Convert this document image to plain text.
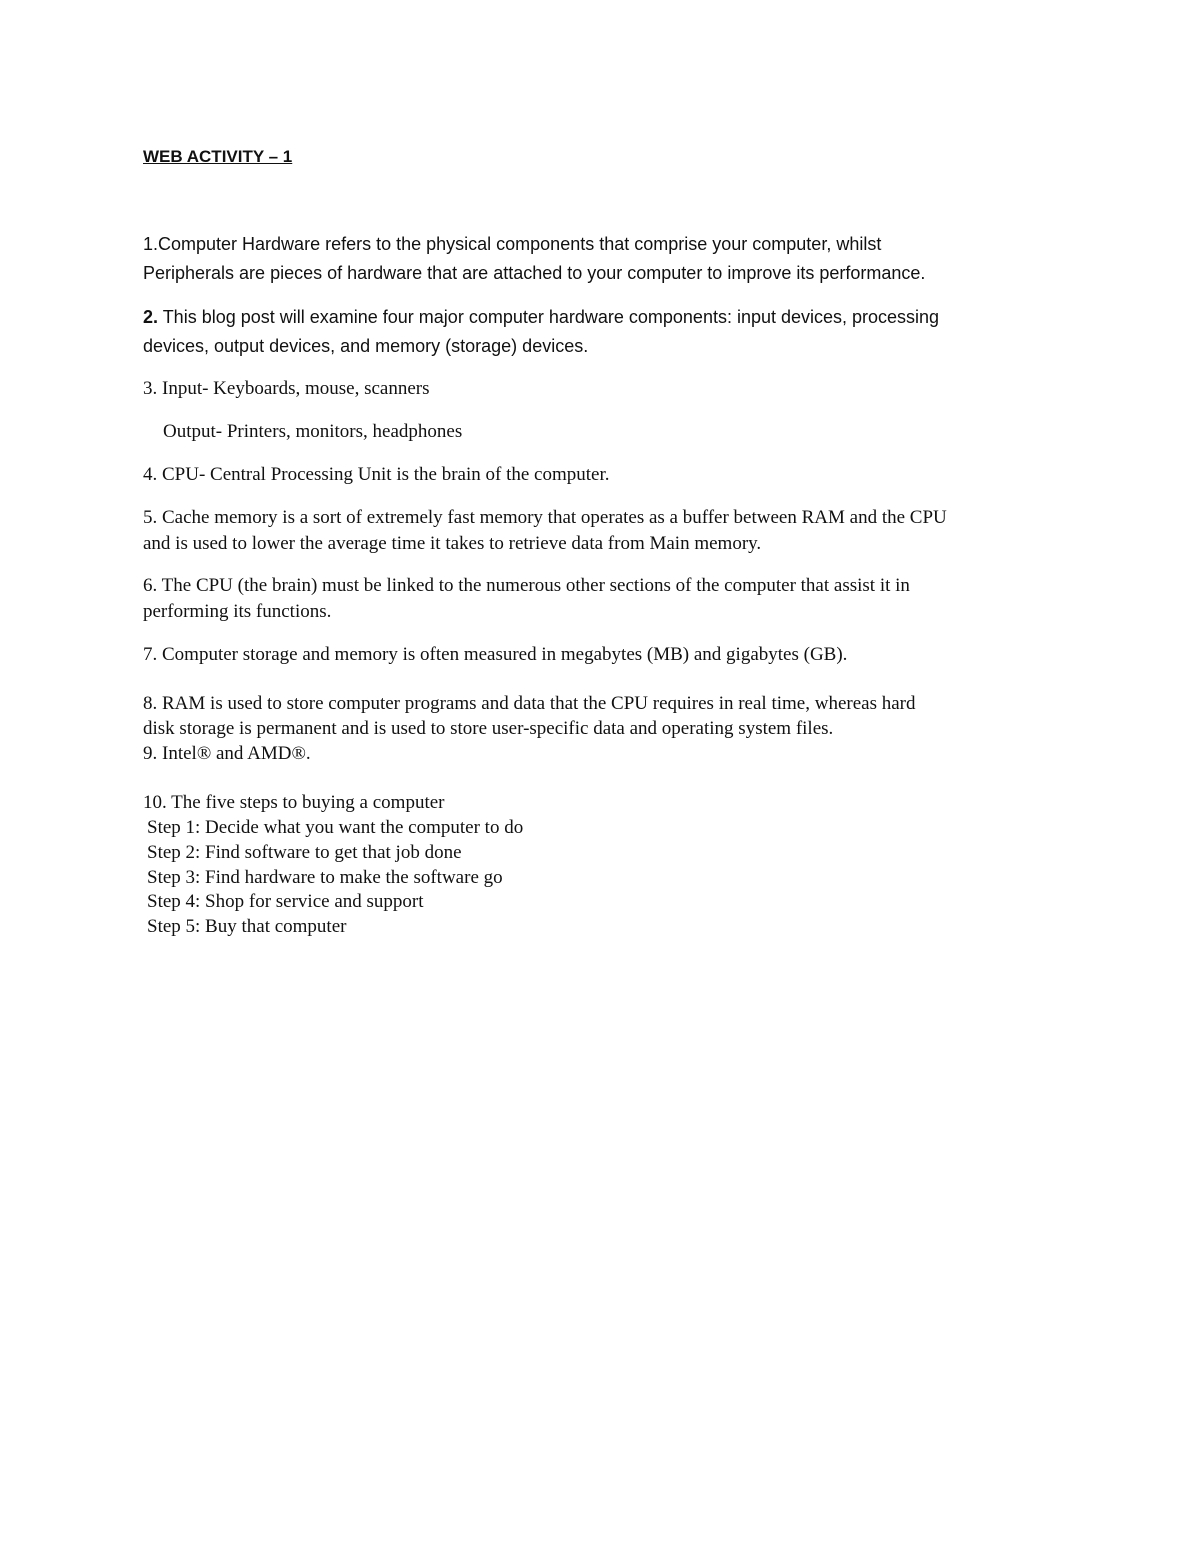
WEB ACTIVITY – 1
1.Computer Hardware refers to the physical components that comprise your computer, whilst
Peripherals are pieces of hardware that are attached to your computer to improve its performance.
2. This blog post will examine four major computer hardware components: input devices, processing
devices, output devices, and memory (storage) devices.
3. Input- Keyboards, mouse, scanners
Output- Printers, monitors, headphones
4. CPU- Central Processing Unit is the brain of the computer.
5. Cache memory is a sort of extremely fast memory that operates as a buffer between RAM and the CPU
and is used to lower the average time it takes to retrieve data from Main memory.
6. The CPU (the brain) must be linked to the numerous other sections of the computer that assist it in
performing its functions.
7. Computer storage and memory is often measured in megabytes (MB) and gigabytes (GB).
8. RAM is used to store computer programs and data that the CPU requires in real time, whereas hard
disk storage is permanent and is used to store user-specific data and operating system files.
9. Intel® and AMD®.
10. The five steps to buying a computer
Step 1: Decide what you want the computer to do
Step 2: Find software to get that job done
Step 3: Find hardware to make the software go
Step 4: Shop for service and support
Step 5: Buy that computer
